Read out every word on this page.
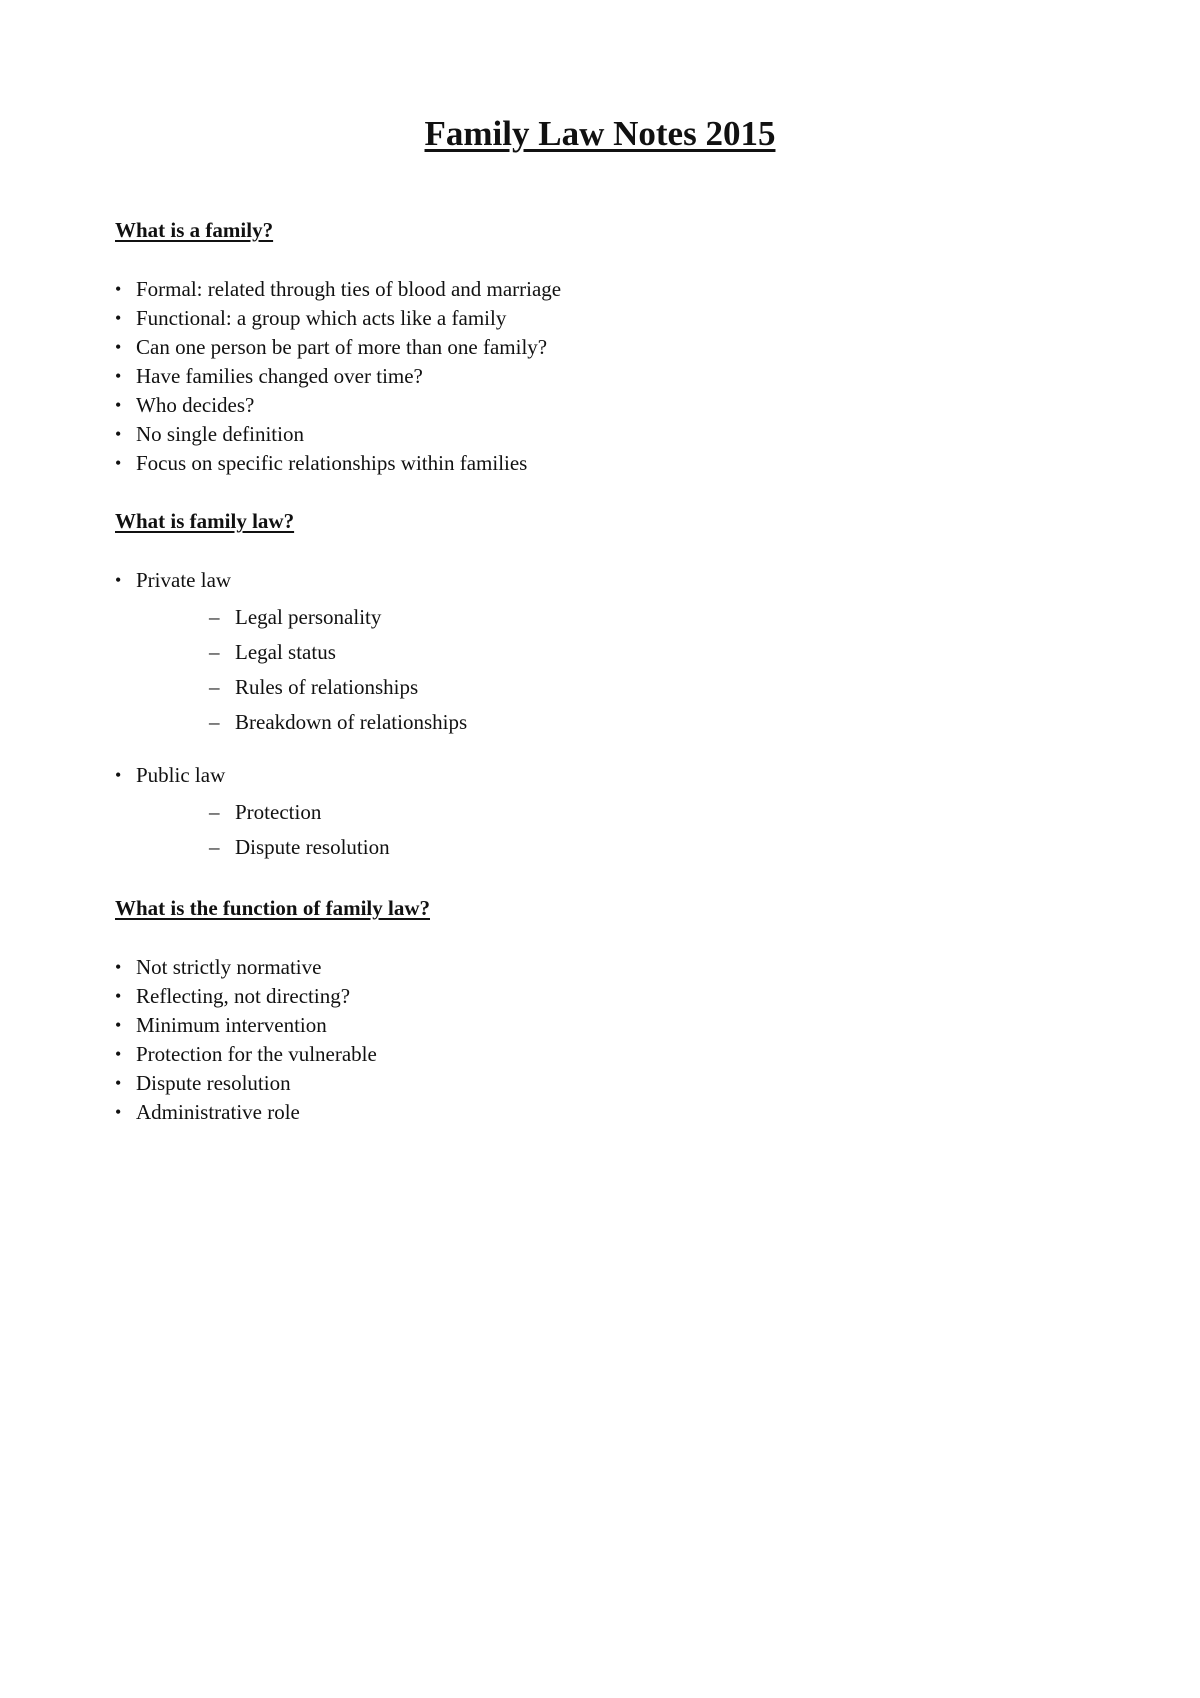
Family Law Notes 2015
What is a family?
• Formal: related through ties of blood and marriage
• Functional: a group which acts like a family
• Can one person be part of more than one family?
• Have families changed over time?
• Who decides?
• No single definition
• Focus on specific relationships within families
What is family law?
• Private law
– Legal personality
– Legal status
– Rules of relationships
– Breakdown of relationships
• Public law
– Protection
– Dispute resolution
What is the function of family law?
• Not strictly normative
• Reflecting, not directing?
• Minimum intervention
• Protection for the vulnerable
• Dispute resolution
• Administrative role
